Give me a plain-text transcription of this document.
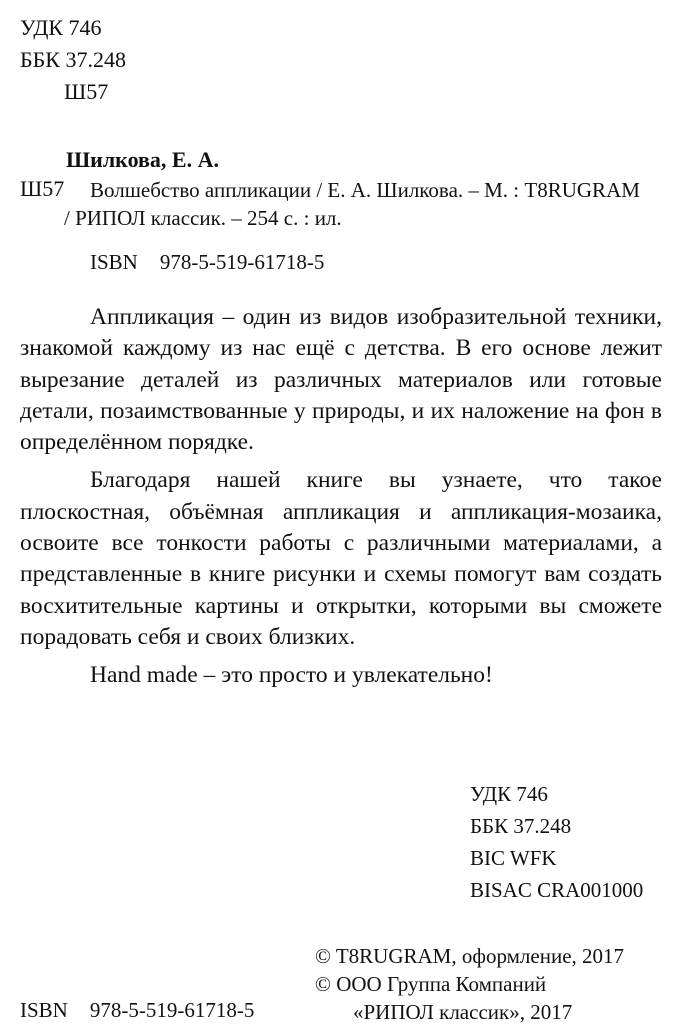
УДК 746
ББК 37.248
Ш57
Шилкова, Е. А.
Ш57 Волшебство аппликации / Е. А. Шилкова. – М. : T8RUGRAM
/ РИПОЛ классик. – 254 с. : ил.
ISBN 978-5-519-61718-5

Аппликация – один из видов изобразительной техники, знакомой каждому из нас ещё с детства. В его основе лежит вырезание деталей из различных материалов или готовые детали, позаимствованные у природы, и их наложение на фон в определённом порядке.

Благодаря нашей книге вы узнаете, что такое плоскостная, объёмная аппликация и аппликация-мозаика, освоите все тонкости работы с различными материалами, а представленные в книге рисунки и схемы помогут вам создать восхитительные картины и открытки, которыми вы сможете порадовать себя и своих близких.

Hand made – это просто и увлекательно!

УДК 746
ББК 37.248
BIC WFK
BISAC CRA001000
© T8RUGRAM, оформление, 2017
© ООО Группа Компаний
«РИПОЛ классик», 2017
ISBN 978-5-519-61718-5
